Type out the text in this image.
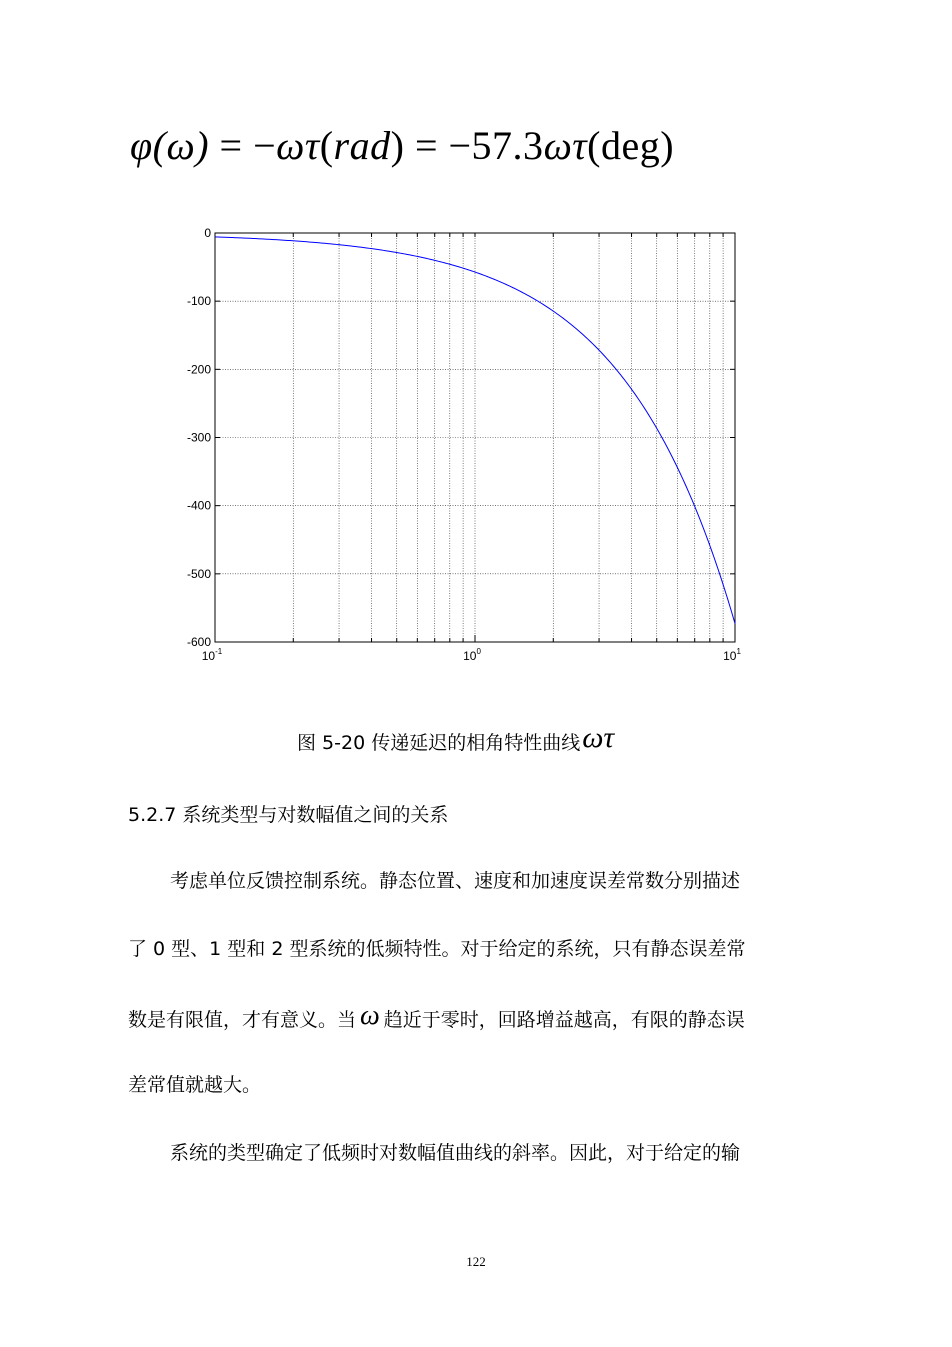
φ(ω) = −ωτ(rad) = −57.3ωτ(deg)
0
-100
-200
-300
-400
-500
-600
$10^{-1}$	$10^0$	$10^1$
图 5-20 传递延迟的相角特性曲线ωτ
5.2.7 系统类型与对数幅值之间的关系
考虑单位反馈控制系统。静态位置、速度和加速度误差常数分别描述
了 0 型、1 型和 2 型系统的低频特性。对于给定的系统，只有静态误差常
数是有限值，才有意义。当 ω 趋近于零时，回路增益越高，有限的静态误
差常值就越大。
系统的类型确定了低频时对数幅值曲线的斜率。因此，对于给定的输
122
